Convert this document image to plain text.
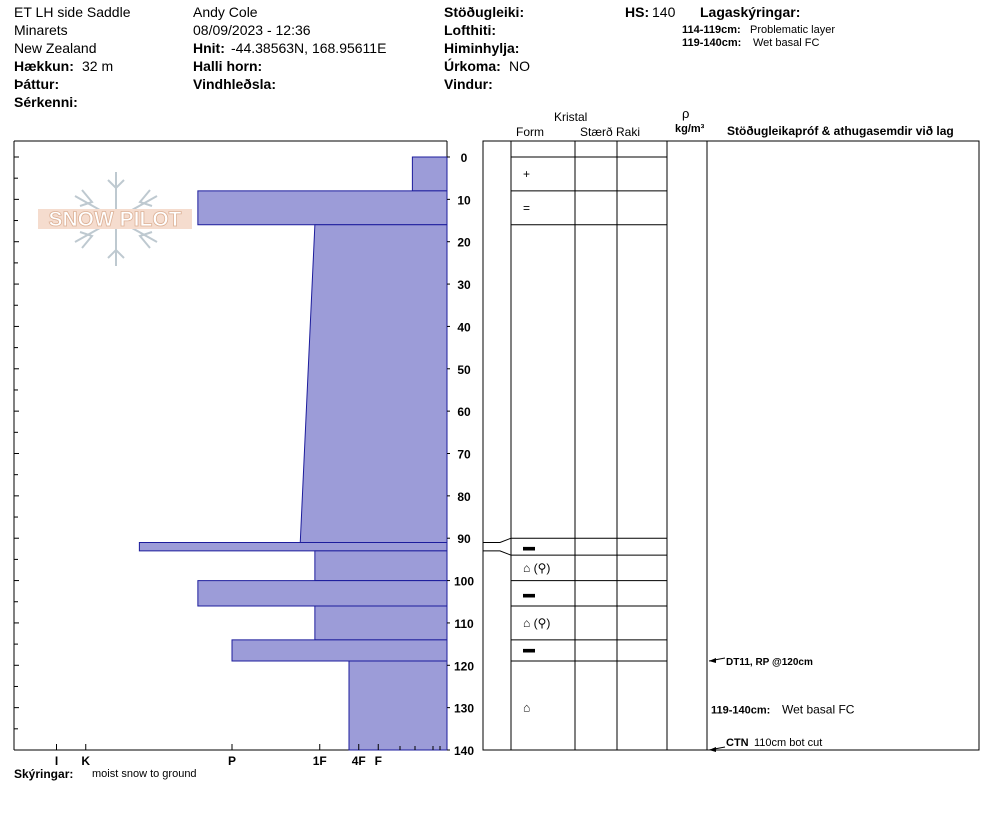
ET LH side Saddle
Minarets
New Zealand
Hækkun: 32 m
Þáttur:
Sérkenni:
Andy Cole
08/09/2023 - 12:36
Hnit: -44.38563N, 168.95611E
Halli horn:
Vindhleðsla:
Stöðugleiki:
Lofthiti:
Himinhylja:
Úrkoma: NO
Vindur:
HS: 140 Lagaskýringar:
114-119cm: Problematic layer
119-140cm: Wet basal FC
Kristal
Form	Stærð Raki
ρ
kg/m³ Stöðugleikapróf & athugasemdir við lag
Skýringar: moist snow to ground
SNOW PILOT
0
10
20
30
40
50
60
70
80
90
100
110
120
130
140
I K	P	1F 4F F
+
=
▬
⌂ (⚲)
▬
⌂ (⚲)
▬
⌂
DT11, RP @120cm
CTN 110cm bot cut
119-140cm: Wet basal FC
